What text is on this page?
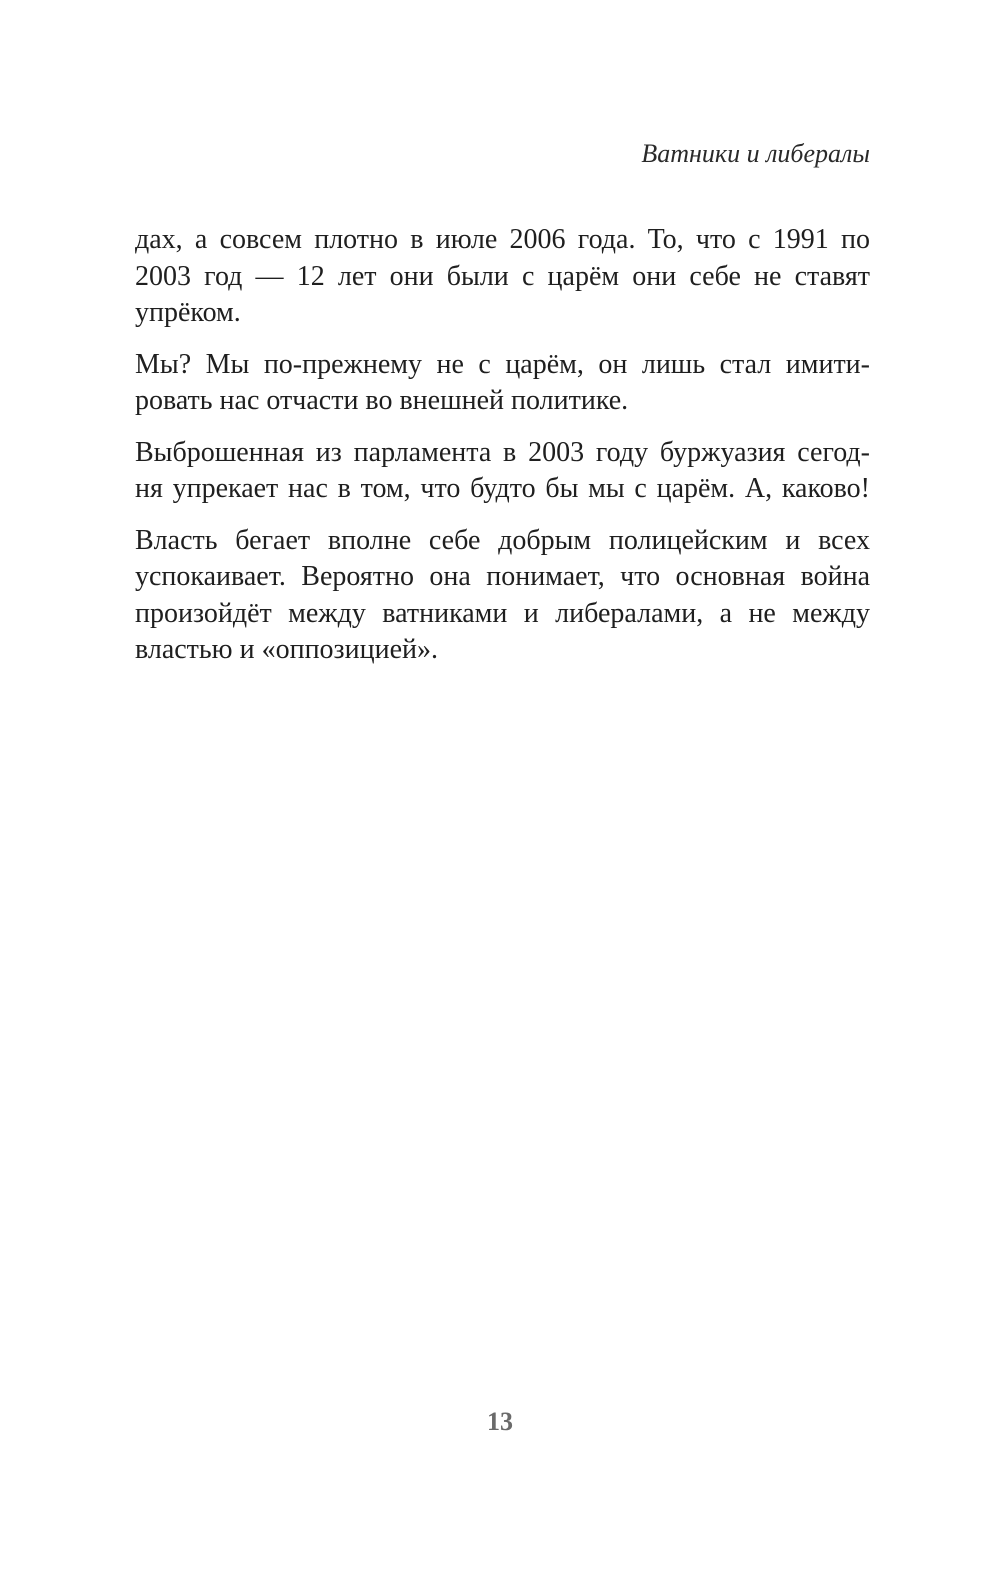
Ватники и либералы

дах, а совсем плотно в июле 2006 года. То, что с 1991 по
2003 год — 12 лет они были с царём они себе не ставят
упрёком.

Мы? Мы по-прежнему не с царём, он лишь стал имити-
ровать нас отчасти во внешней политике.

Выброшенная из парламента в 2003 году буржуазия сегод-
ня упрекает нас в том, что будто бы мы с царём. А, каково!

Власть бегает вполне себе добрым полицейским и всех
успокаивает. Вероятно она понимает, что основная война
произойдёт между ватниками и либералами, а не между
властью и «оппозицией».

13
